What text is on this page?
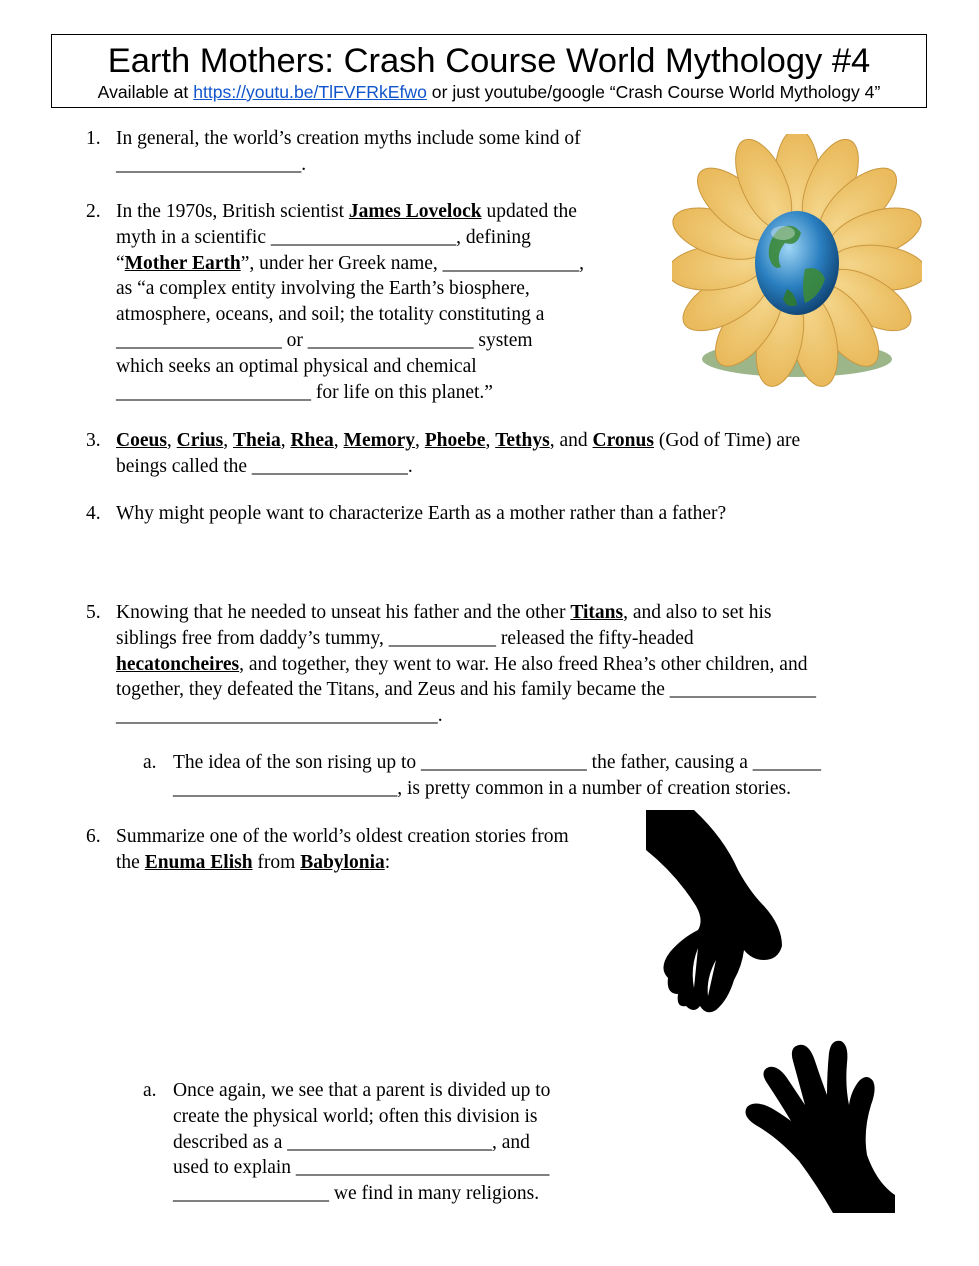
Earth Mothers: Crash Course World Mythology #4
Available at https://youtu.be/TlFVFRkEfwo or just youtube/google “Crash Course World Mythology 4”
1. In general, the world’s creation myths include some kind of
___________________.
2. In the 1970s, British scientist James Lovelock updated the
myth in a scientific ___________________, defining
“Mother Earth”, under her Greek name, ______________,
as “a complex entity involving the Earth’s biosphere,
atmosphere, oceans, and soil; the totality constituting a
_________________ or _________________ system
which seeks an optimal physical and chemical
____________________ for life on this planet.”
3. Coeus, Crius, Theia, Rhea, Memory, Phoebe, Tethys, and Cronus (God of Time) are
beings called the ________________.
4. Why might people want to characterize Earth as a mother rather than a father?
5. Knowing that he needed to unseat his father and the other Titans, and also to set his
siblings free from daddy’s tummy, ___________ released the fifty-headed
hecatoncheires, and together, they went to war. He also freed Rhea’s other children, and
together, they defeated the Titans, and Zeus and his family became the _______________
_________________________________.
a. The idea of the son rising up to _________________ the father, causing a _______
_______________________, is pretty common in a number of creation stories.
6. Summarize one of the world’s oldest creation stories from
the Enuma Elish from Babylonia:
a. Once again, we see that a parent is divided up to
create the physical world; often this division is
described as a _____________________, and
used to explain __________________________
________________ we find in many religions.
